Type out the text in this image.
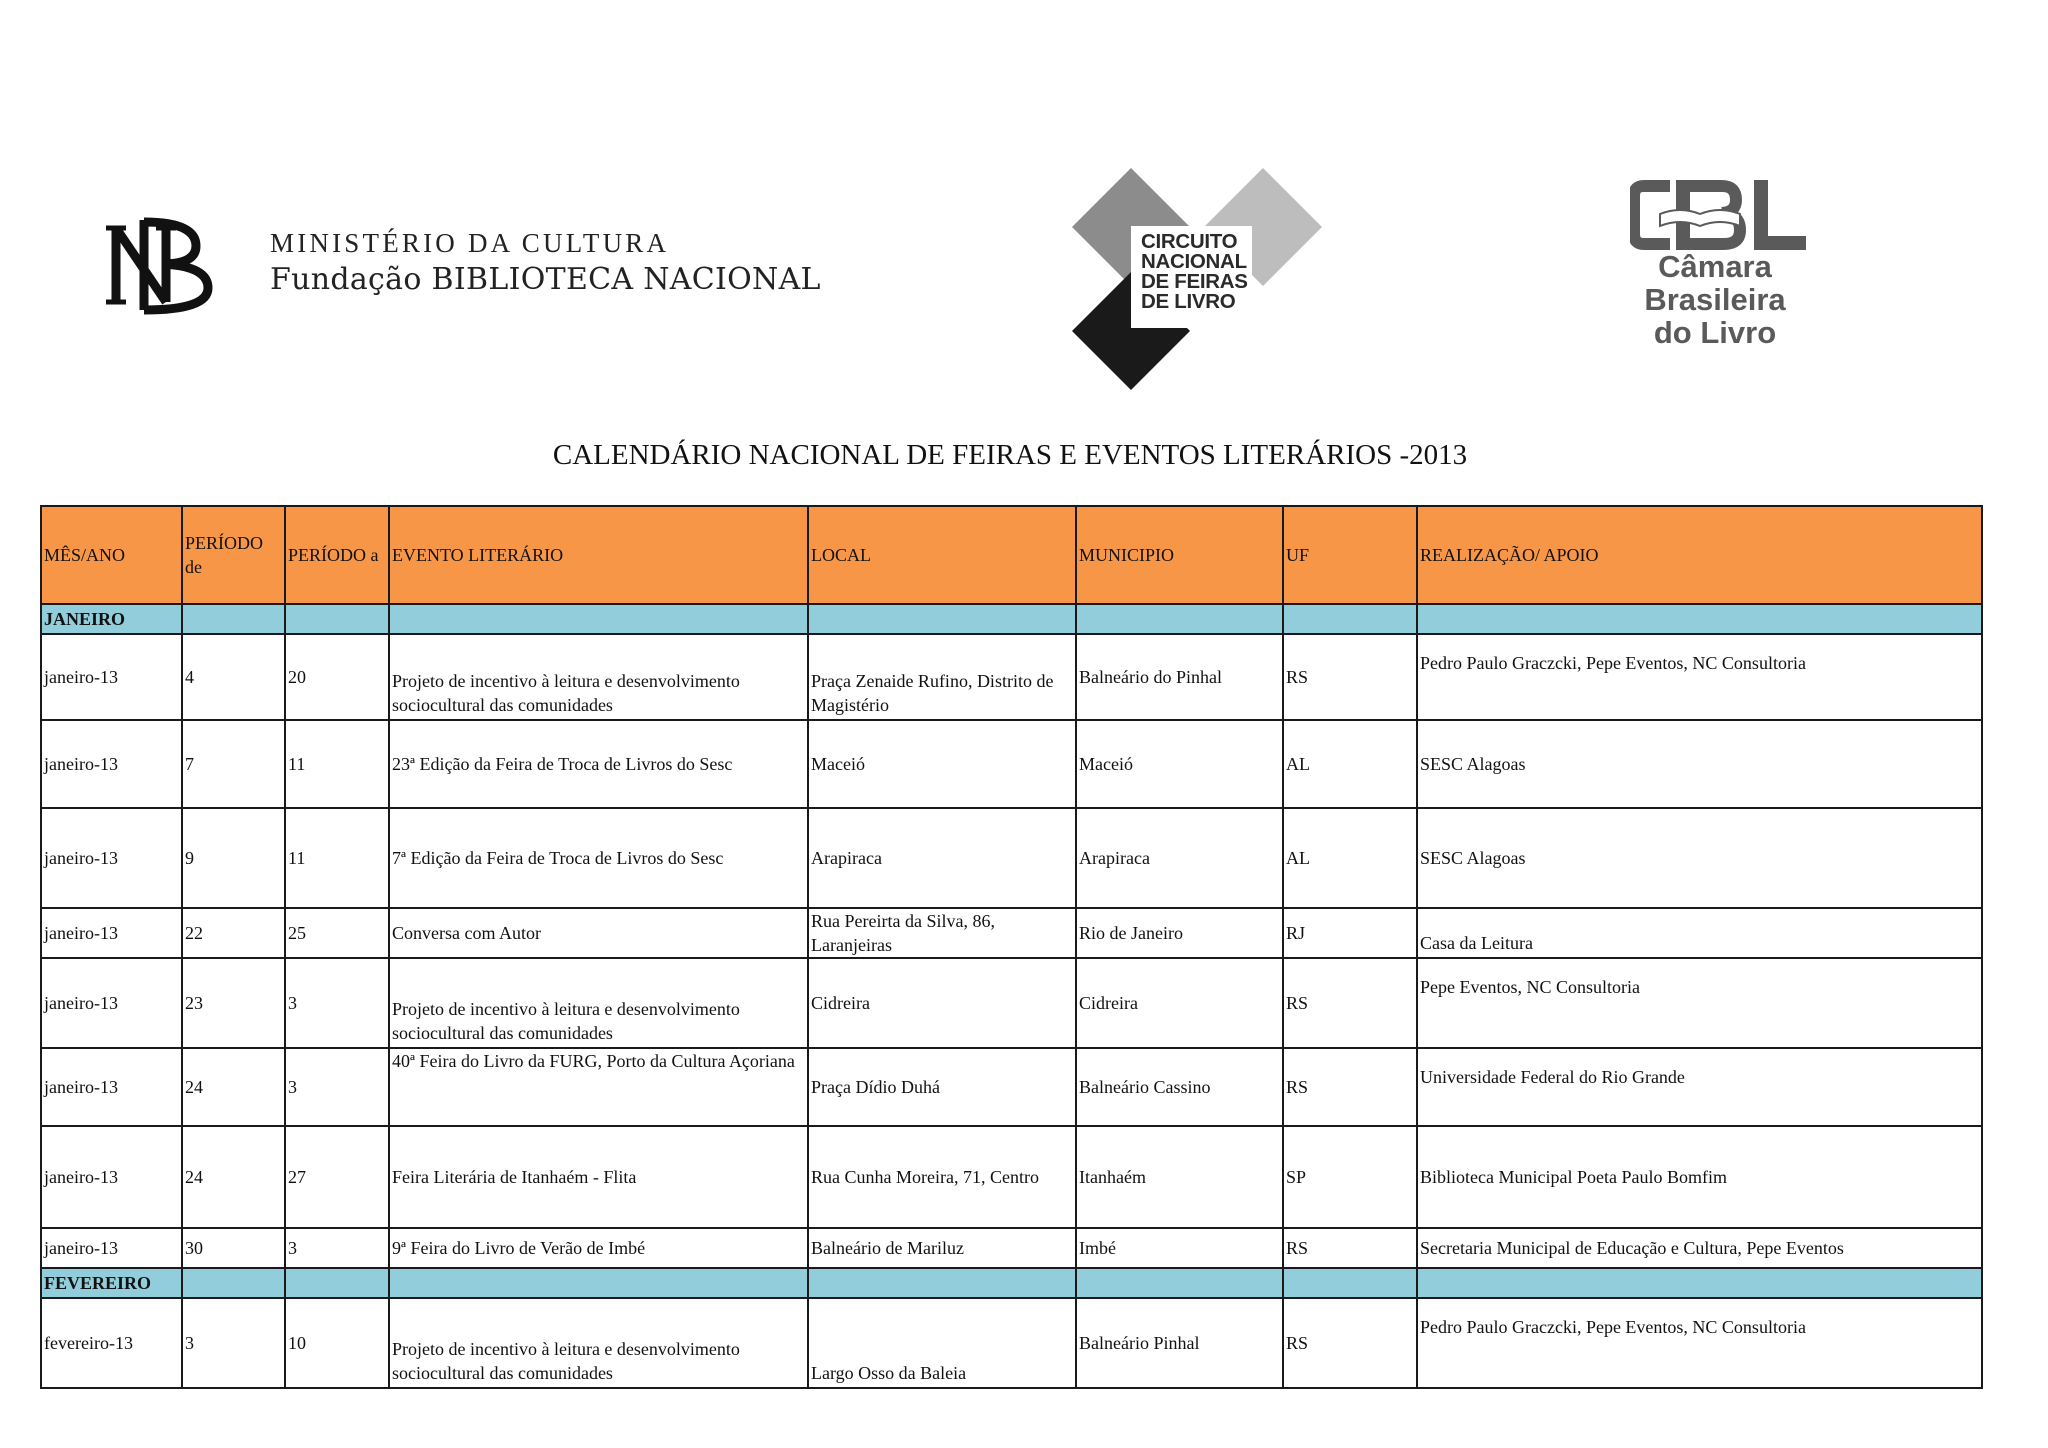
MINISTÉRIO DA CULTURA
Fundação BIBLIOTECA NACIONAL
CIRCUITO
NACIONAL
DE FEIRAS
DE LIVRO
Câmara
Brasileira
do Livro
CALENDÁRIO NACIONAL DE FEIRAS E EVENTOS LITERÁRIOS -2013
MÊS/ANO	PERÍODO de	PERÍODO a	EVENTO LITERÁRIO	LOCAL	MUNICIPIO	UF	REALIZAÇÃO/ APOIO
JANEIRO							
janeiro-13	4	20	Projeto de incentivo à leitura e desenvolvimento sociocultural das comunidades	Praça Zenaide Rufino, Distrito de Magistério	Balneário do Pinhal	RS	Pedro Paulo Graczcki, Pepe Eventos, NC Consultoria
janeiro-13	7	11	23ª Edição da Feira de Troca de Livros do Sesc	Maceió	Maceió	AL	SESC Alagoas
janeiro-13	9	11	7ª Edição da Feira de Troca de Livros do Sesc	Arapiraca	Arapiraca	AL	SESC Alagoas
janeiro-13	22	25	Conversa com Autor	Rua Pereirta da Silva, 86, Laranjeiras	Rio de Janeiro	RJ	Casa da Leitura
janeiro-13	23	3	Projeto de incentivo à leitura e desenvolvimento sociocultural das comunidades	Cidreira	Cidreira	RS	Pepe Eventos, NC Consultoria
janeiro-13	24	3	40ª Feira do Livro da FURG, Porto da Cultura Açoriana	Praça Dídio Duhá	Balneário Cassino	RS	Universidade Federal do Rio Grande
janeiro-13	24	27	Feira Literária de Itanhaém - Flita	Rua Cunha Moreira, 71, Centro	Itanhaém	SP	Biblioteca Municipal Poeta Paulo Bomfim
janeiro-13	30	3	9ª Feira do Livro de Verão de Imbé	Balneário de Mariluz	Imbé	RS	Secretaria Municipal de Educação e Cultura, Pepe Eventos
FEVEREIRO							
fevereiro-13	3	10	Projeto de incentivo à leitura e desenvolvimento sociocultural das comunidades	Largo Osso da Baleia	Balneário Pinhal	RS	Pedro Paulo Graczcki, Pepe Eventos, NC Consultoria
